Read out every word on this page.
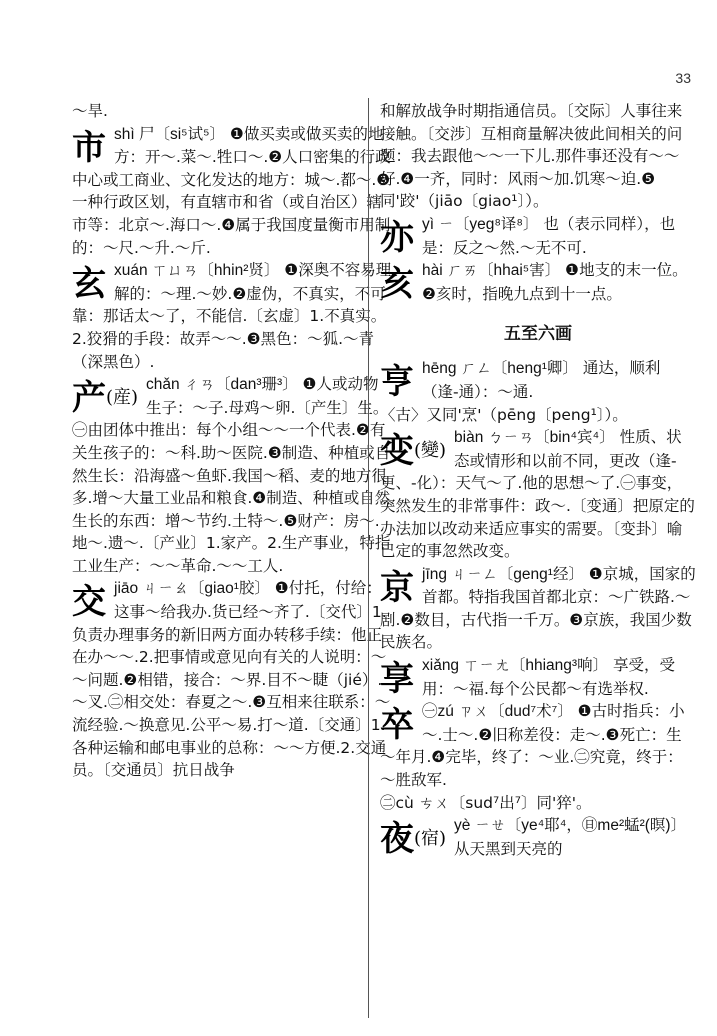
33

～旱.

市 shì 尸〔si⁵试⁵〕 ❶做买卖或做买卖的地方：开～.菜～.牲口～.❷人口密集的行政中心或工商业、文化发达的地方：城～.都～.❸一种行政区划，有直辖市和省（或自治区）辖市等：北京～.海口～.❹属于我国度量衡市用制的：～尺.～升.～斤.
玄 xuán ㄒㄩㄢ〔hhin²贤〕 ❶深奥不容易理解的：～理.～妙.❷虚伪，不真实，不可靠：那话太～了，不能信.〔玄虚〕1.不真实。2.狡猾的手段：故弄～～.❸黑色：～狐.～青（深黑色）.
产(産)
chǎn ㄔㄢ〔dan³珊³〕 ❶人或动物生子：～子.母鸡～卵.〔产生〕生。㊀由团体中推出：每个小组～～一个代表.❷有关生孩子的：～科.助～医院.❸制造、种植或自然生长：沿海盛～鱼虾.我国～稻、麦的地方很多.增～大量工业品和粮食.❹制造、种植或自然生长的东西：增～节约.土特～.❺财产：房～.地～.遗～.〔产业〕1.家产。2.生产事业，特指工业生产：～～革命.～～工人.
交 jiāo ㄐㄧㄠ〔giao¹胶〕 ❶付托，付给：这事～给我办.货已经～齐了.〔交代〕1.负责办理事务的新旧两方面办转移手续：他正在办～～.2.把事情或意见向有关的人说明：～～问题.❷相错，接合：～界.目不～睫（jié）.～叉.㊁相交处：春夏之～.❸互相来往联系：～流经验.～换意见.公平～易.打～道.〔交通〕1.各种运输和邮电事业的总称：～～方便.2.交通员。〔交通员〕抗日战争

和解放战争时期指通信员。〔交际〕人事往来接触。〔交涉〕互相商量解决彼此间相关的问题：我去跟他～～一下儿.那件事还没有～～好.❹一齐，同时：风雨～加.饥寒～迫.❺同'跤'（jiāo〔giao¹〕）。

亦 yì ㄧ〔yeg⁸译⁸〕 也（表示同样），也是：反之～然.～无不可.
亥 hài ㄏㄞ〔hhai⁵害〕 ❶地支的末一位。❷亥时，指晚九点到十一点。
五至六画
亨 hēng ㄏㄥ〔heng¹卿〕 通达，顺利（逢-通）：～通.
〈古〉又同'烹'（pēng〔peng¹〕）。
变(變)
biàn ㄅㄧㄢ〔bin⁴宾⁴〕 性质、状态或情形和以前不同，更改（逢-更、-化）：天气～了.他的思想～了.㊀事变，突然发生的非常事件：政～.〔变通〕把原定的办法加以改动来适应事实的需要。〔变卦〕喻已定的事忽然改变。
京 jīng ㄐㄧㄥ〔geng¹经〕 ❶京城，国家的首都。特指我国首都北京：～广铁路.～剧.❷数目，古代指一千万。❸京族，我国少数民族名。
享 xiǎng ㄒㄧㄤ〔hhiang³响〕 享受，受用：～福.每个公民都～有选举权.
卒 ㊀zú ㄗㄨ〔dud⁷术⁷〕 ❶古时指兵：小～.士～.❷旧称差役：走～.❸死亡：生～年月.❹完毕，终了：～业.㊁究竟，终于：～胜敌军.
㊁cù ㄘㄨ〔sud⁷出⁷〕同'猝'。
夜(宿)
yè ㄧㄝ〔ye⁴耶⁴，㊐me²蜢²(暝)〕 从天黑到天亮的
